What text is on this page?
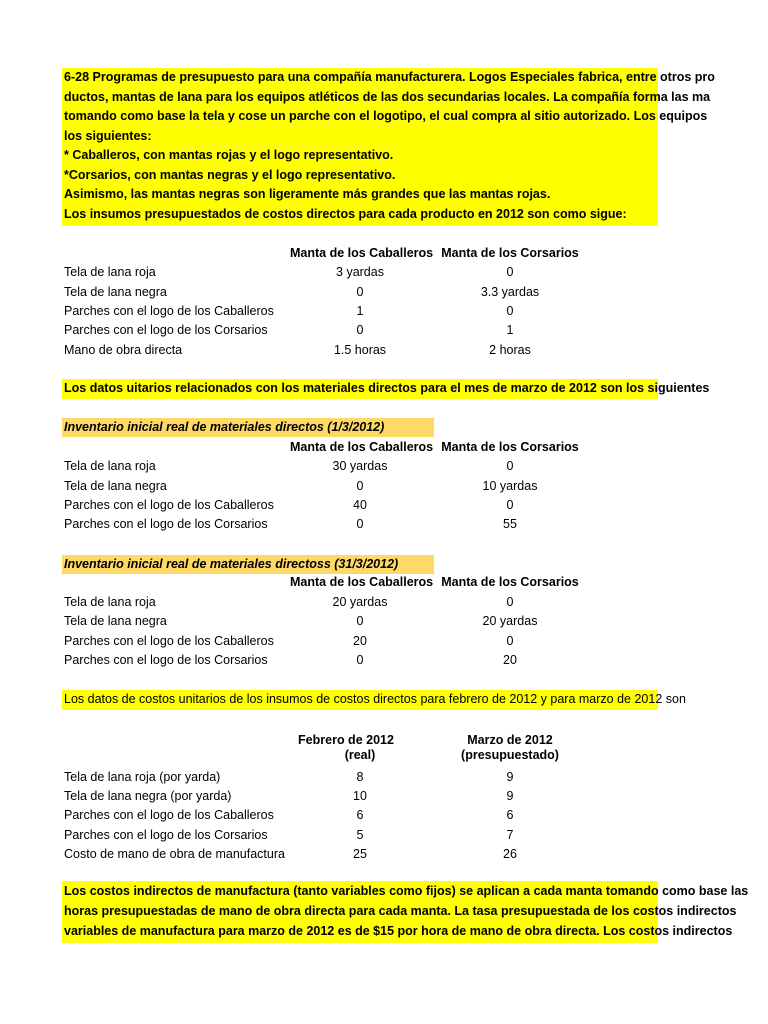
6-28 Programas de presupuesto para una compañía manufacturera. Logos Especiales fabrica, entre otros pro
ductos, mantas de lana para los equipos atléticos de las dos secundarias locales. La compañía forma las ma
tomando como base la tela y cose un parche con el logotipo, el cual compra al sitio autorizado. Los equipos
los siguientes:
* Caballeros, con mantas rojas y el logo representativo.
*Corsarios, con mantas negras y el logo representativo.
Asimismo, las mantas negras son ligeramente más grandes que las mantas rojas.
Los insumos presupuestados de costos directos para cada producto en 2012 son como sigue:
Manta de los Caballeros Manta de los Corsarios
Tela de lana roja	3 yardas	0
Tela de lana negra	0	3.3 yardas
Parches con el logo de los Caballeros	1	0
Parches con el logo de los Corsarios	0	1
Mano de obra directa	1.5 horas	2 horas
Los datos uitarios relacionados con los materiales directos para el mes de marzo de 2012 son los siguientes
Inventario inicial real de materiales directos (1/3/2012)
Manta de los Caballeros Manta de los Corsarios
Tela de lana roja	30 yardas	0
Tela de lana negra	0	10 yardas
Parches con el logo de los Caballeros	40	0
Parches con el logo de los Corsarios	0	55
Inventario inicial real de materiales directoss (31/3/2012)
Manta de los Caballeros Manta de los Corsarios
Tela de lana roja	20 yardas	0
Tela de lana negra	0	20 yardas
Parches con el logo de los Caballeros	20	0
Parches con el logo de los Corsarios	0	20
Los datos de costos unitarios de los insumos de costos directos para febrero de 2012 y para marzo de 2012 son
Febrero de 2012
(real)
Marzo de 2012
(presupuestado)
Tela de lana roja (por yarda)	8	9
Tela de lana negra (por yarda)	10	9
Parches con el logo de los Caballeros	6	6
Parches con el logo de los Corsarios	5	7
Costo de mano de obra de manufactura	25	26
Los costos indirectos de manufactura (tanto variables como fijos) se aplican a cada manta tomando como base las
horas presupuestadas de mano de obra directa para cada manta. La tasa presupuestada de los costos indirectos
variables de manufactura para marzo de 2012 es de $15 por hora de mano de obra directa. Los costos indirectos
